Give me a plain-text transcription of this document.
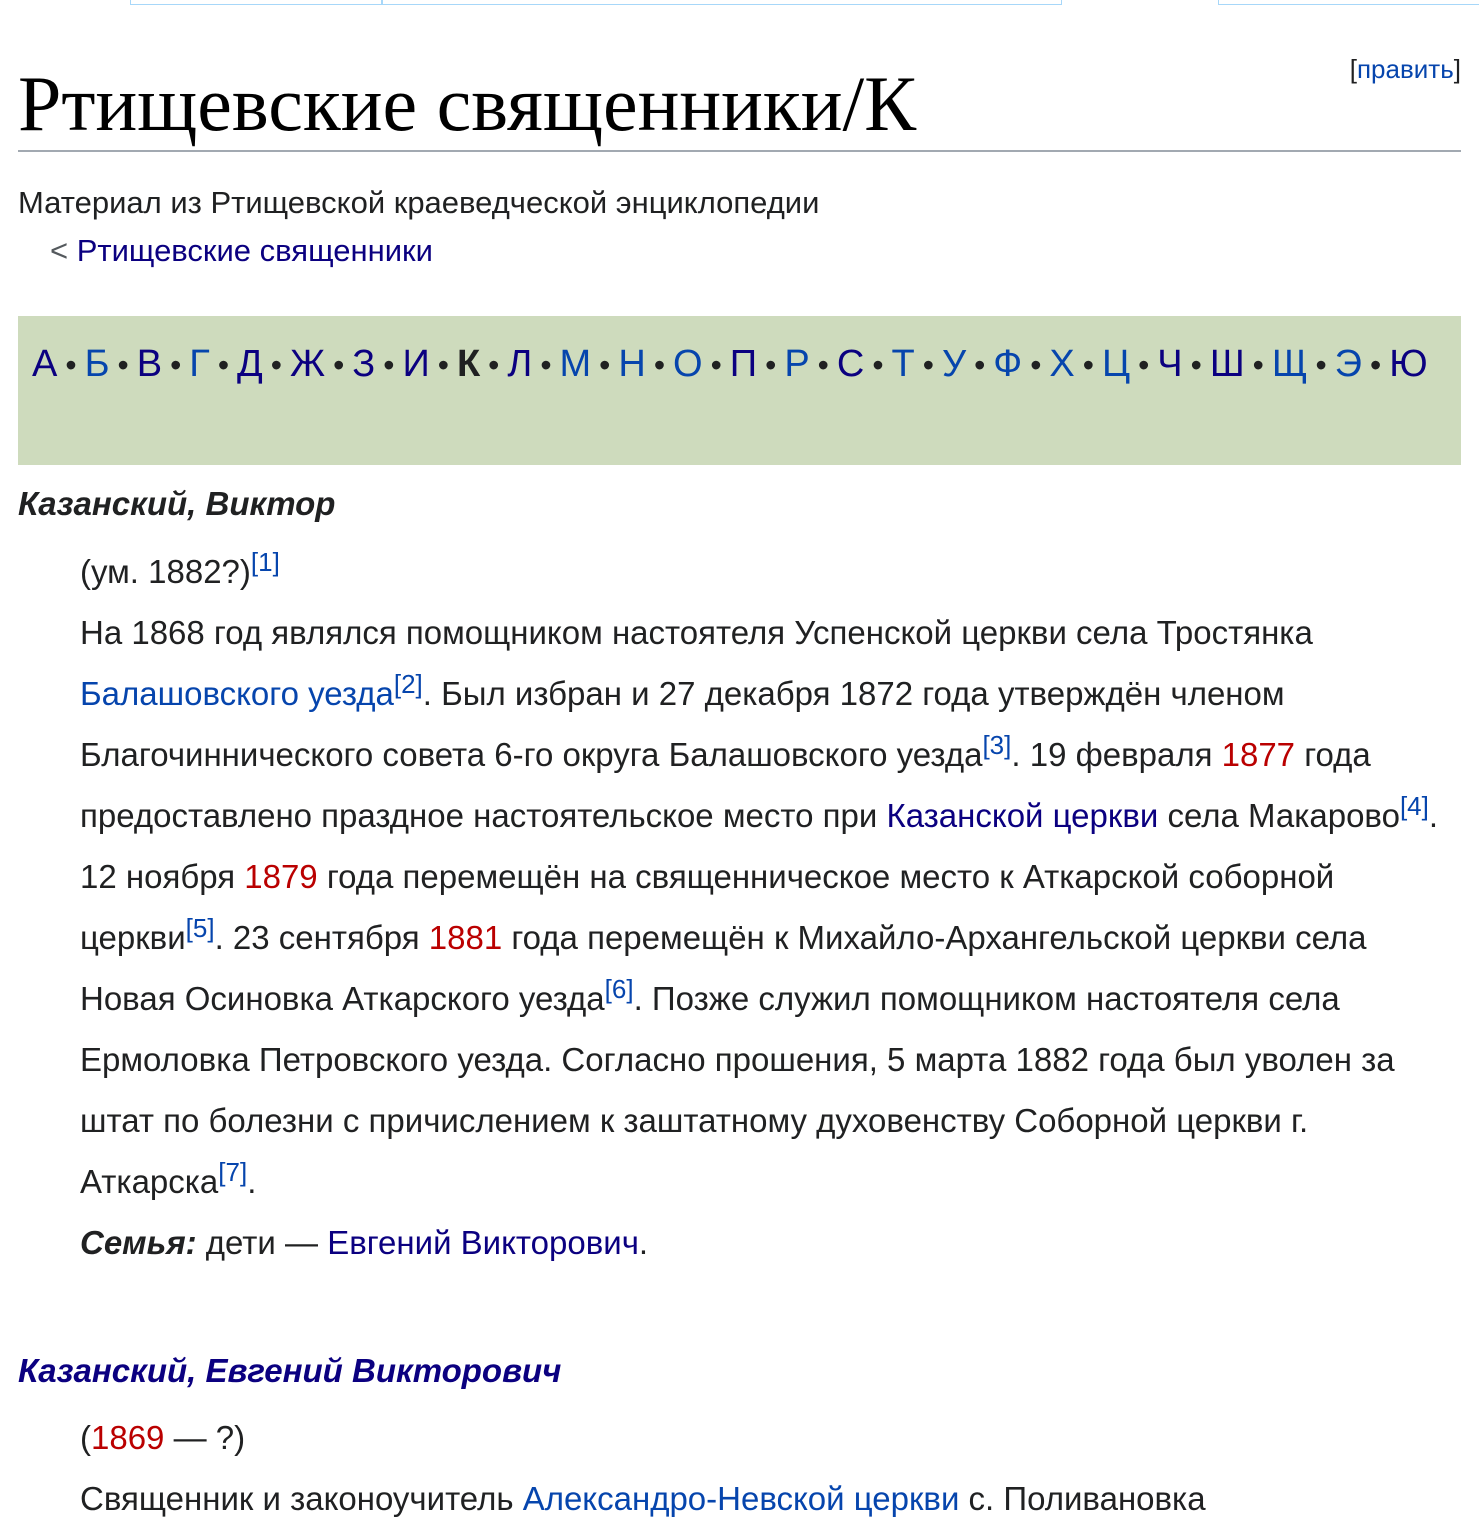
[править]
Ртищевские священники/К
Материал из Ртищевской краеведческой энциклопедии
< Ртищевские священники
А • Б • В • Г • Д • Ж • З • И • К • Л • М • Н • О • П • Р • С • Т • У • Ф • Х • Ц • Ч • Ш • Щ • Э • Ю
Казанский, Виктор
(ум. 1882?)[1]
На 1868 год являлся помощником настоятеля Успенской церкви села Тростянка Балашовского уезда[2]. Был избран и 27 декабря 1872 года утверждён членом Благочиннического совета 6-го округа Балашовского уезда[3]. 19 февраля 1877 года предоставлено праздное настоятельское место при Казанской церкви села Макарово[4]. 12 ноября 1879 года перемещён на священническое место к Аткарской соборной церкви[5]. 23 сентября 1881 года перемещён к Михайло-Архангельской церкви села Новая Осиновка Аткарского уезда[6]. Позже служил помощником настоятеля села Ермоловка Петровского уезда. Согласно прошения, 5 марта 1882 года был уволен за штат по болезни с причислением к заштатному духовенству Соборной церкви г. Аткарска[7].
Семья: дети — Евгений Викторович.
Казанский, Евгений Викторович
(1869 — ?)
Священник и законоучитель Александро-Невской церкви с. Поливановка
